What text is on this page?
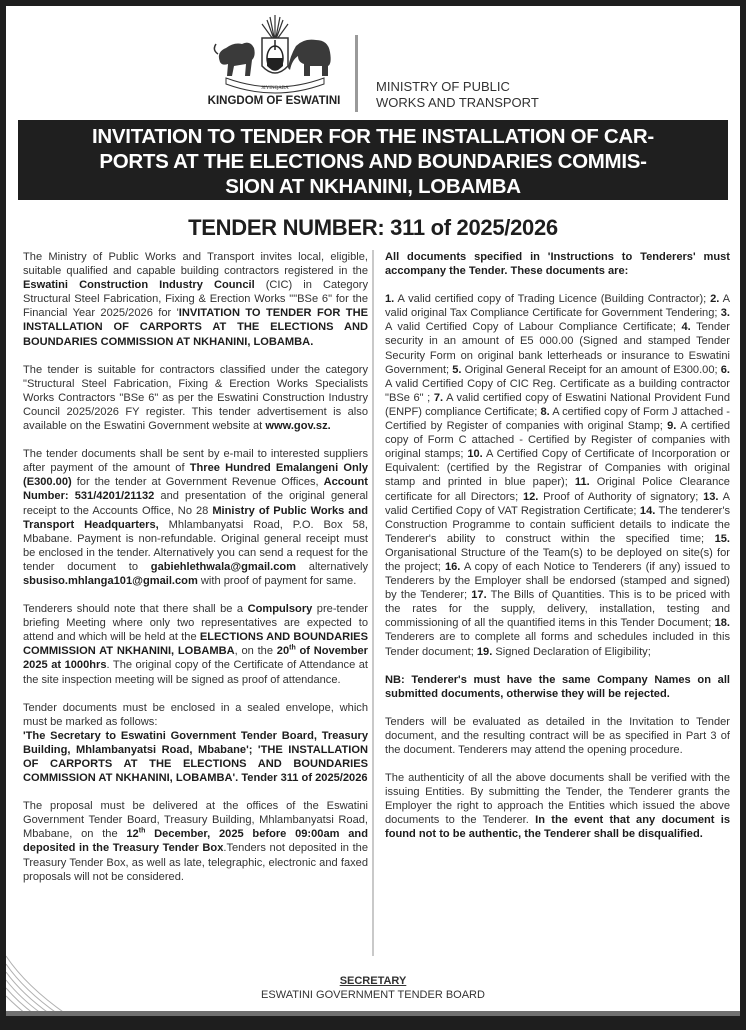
SIYINQABA
KINGDOM OF ESWATINI
MINISTRY OF PUBLIC
WORKS AND TRANSPORT
INVITATION TO TENDER FOR THE INSTALLATION OF CAR-
PORTS AT THE ELECTIONS AND BOUNDARIES COMMIS-
SION AT NKHANINI, LOBAMBA
TENDER NUMBER: 311 of 2025/2026

The Ministry of Public Works and Transport invites local, eligible, suitable qualified and capable building contractors registered in the Eswatini Construction Industry Council (CIC) in Category Structural Steel Fabrication, Fixing & Erection Works ""BSe 6" for the Financial Year 2025/2026 for 'INVITATION TO TENDER FOR THE INSTALLATION OF CARPORTS AT THE ELECTIONS AND BOUNDARIES COMMISSION AT NKHANINI, LOBAMBA.

The tender is suitable for contractors classified under the category "Structural Steel Fabrication, Fixing & Erection Works Specialists Works Contractors "BSe 6" as per the Eswatini Construction Industry Council 2025/2026 FY register. This tender advertisement is also available on the Eswatini Government website at www.gov.sz.

The tender documents shall be sent by e-mail to interested suppliers after payment of the amount of Three Hundred Emalangeni Only (E300.00) for the tender at Government Revenue Offices, Account Number: 531/4201/21132 and presentation of the original general receipt to the Accounts Office, No 28 Ministry of Public Works and Transport Headquarters, Mhlambanyatsi Road, P.O. Box 58, Mbabane. Payment is non-refundable. Original general receipt must be enclosed in the tender. Alternatively you can send a request for the tender document to gabiehlethwala@gmail.com alternatively sbusiso.mhlanga101@gmail.com with proof of payment for same.

Tenderers should note that there shall be a Compulsory pre-tender briefing Meeting where only two representatives are expected to attend and which will be held at the ELECTIONS AND BOUNDARIES COMMISSION AT NKHANINI, LOBAMBA, on the 20th of November 2025 at 1000hrs. The original copy of the Certificate of Attendance at the site inspection meeting will be signed as proof of attendance.

Tender documents must be enclosed in a sealed envelope, which must be marked as follows:
'The Secretary to Eswatini Government Tender Board, Treasury Building, Mhlambanyatsi Road, Mbabane'; 'THE INSTALLATION OF CARPORTS AT THE ELECTIONS AND BOUNDARIES COMMISSION AT NKHANINI, LOBAMBA'. Tender 311 of 2025/2026

The proposal must be delivered at the offices of the Eswatini Government Tender Board, Treasury Building, Mhlambanyatsi Road, Mbabane, on the 12th December, 2025 before 09:00am and deposited in the Treasury Tender Box.Tenders not deposited in the Treasury Tender Box, as well as late, telegraphic, electronic and faxed proposals will not be considered.

All documents specified in 'Instructions to Tenderers' must accompany the Tender. These documents are:

1. A valid certified copy of Trading Licence (Building Contractor); 2. A valid original Tax Compliance Certificate for Government Tendering; 3. A valid Certified Copy of Labour Compliance Certificate; 4. Tender security in an amount of E5 000.00 (Signed and stamped Tender Security Form on original bank letterheads or insurance to Eswatini Government; 5. Original General Receipt for an amount of E300.00; 6. A valid Certified Copy of CIC Reg. Certificate as a building contractor "BSe 6" ; 7. A valid certified copy of Eswatini National Provident Fund (ENPF) compliance Certificate; 8. A certified copy of Form J attached - Certified by Register of companies with original Stamp; 9. A certified copy of Form C attached - Certified by Register of companies with original stamps; 10. A Certified Copy of Certificate of Incorporation or Equivalent: (certified by the Registrar of Companies with original stamp and printed in blue paper); 11. Original Police Clearance certificate for all Directors; 12. Proof of Authority of signatory; 13. A valid Certified Copy of VAT Registration Certificate; 14. The tenderer's Construction Programme to contain sufficient details to indicate the Tenderer's ability to construct within the specified time; 15. Organisational Structure of the Team(s) to be deployed on site(s) for the project; 16. A copy of each Notice to Tenderers (if any) issued to Tenderers by the Employer shall be endorsed (stamped and signed) by the Tenderer; 17. The Bills of Quantities. This is to be priced with the rates for the supply, delivery, installation, testing and commissioning of all the quantified items in this Tender Document; 18. Tenderers are to complete all forms and schedules included in this Tender document; 19. Signed Declaration of Eligibility;

NB: Tenderer's must have the same Company Names on all submitted documents, otherwise they will be rejected.

Tenders will be evaluated as detailed in the Invitation to Tender document, and the resulting contract will be as specified in Part 3 of the document. Tenderers may attend the opening procedure.

The authenticity of all the above documents shall be verified with the issuing Entities. By submitting the Tender, the Tenderer grants the Employer the right to approach the Entities which issued the above documents to the Tenderer. In the event that any document is found not to be authentic, the Tenderer shall be disqualified.

SECRETARY
ESWATINI GOVERNMENT TENDER BOARD
